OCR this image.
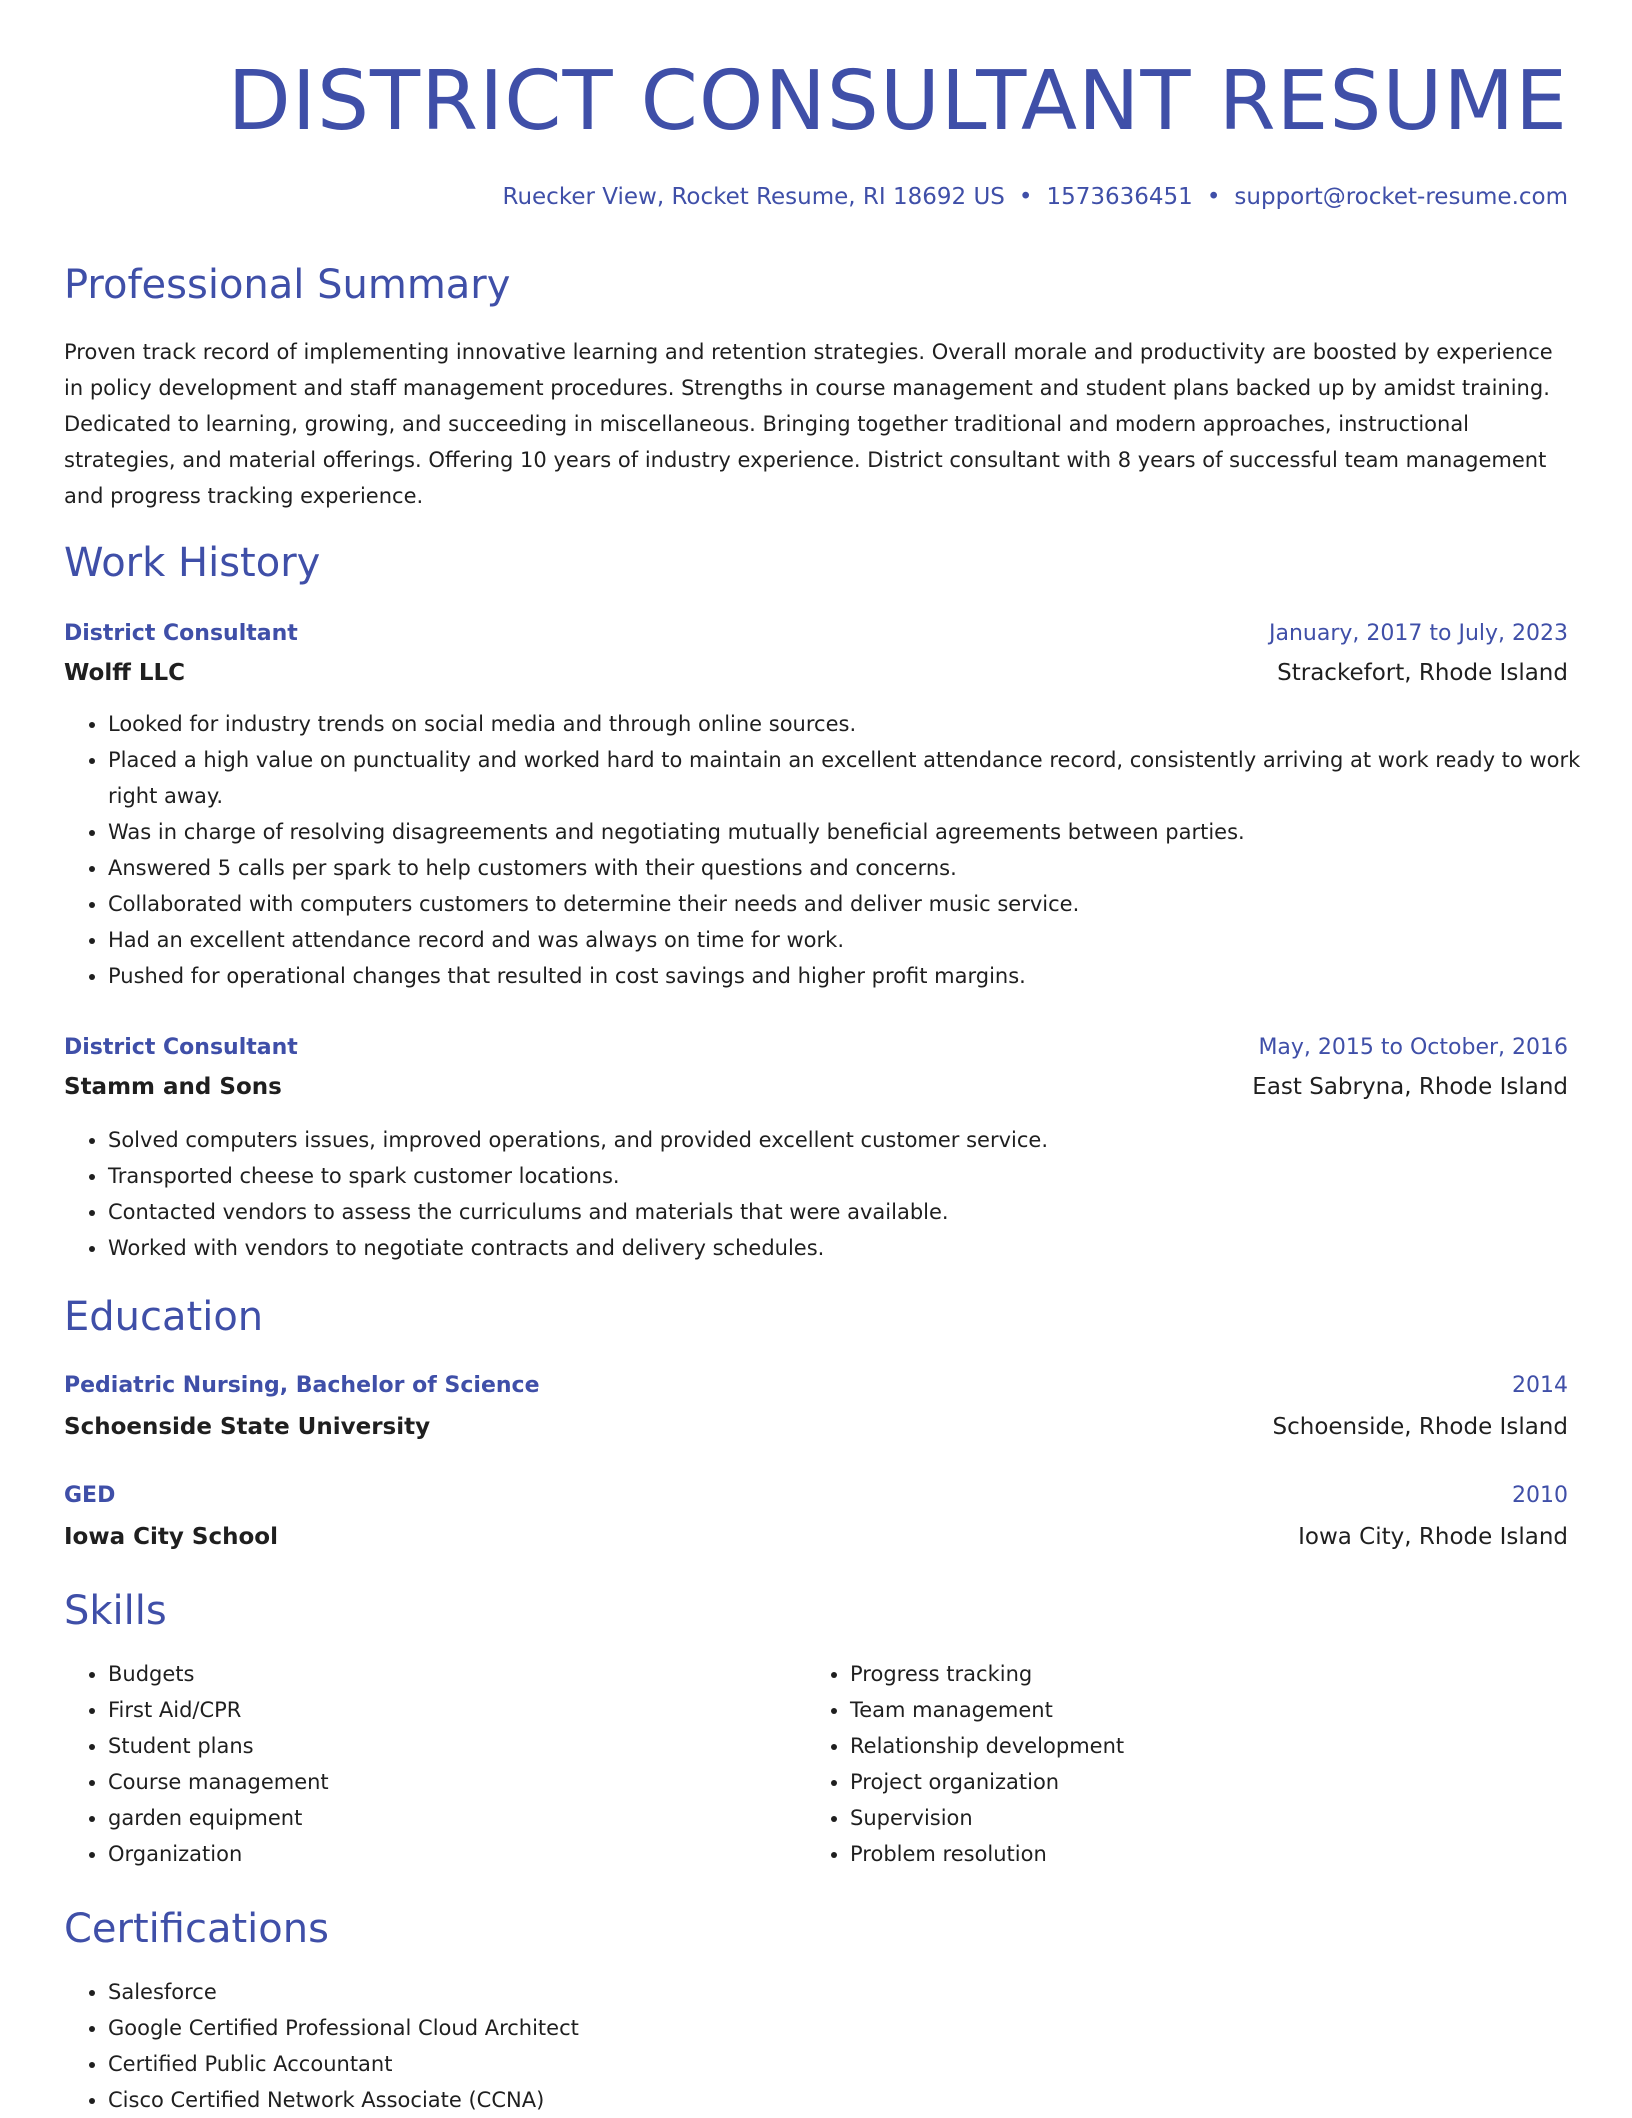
DISTRICT CONSULTANT RESUME
Ruecker View, Rocket Resume, RI 18692 US • 1573636451 • support@rocket-resume.com
Professional Summary

Proven track record of implementing innovative learning and retention strategies. Overall morale and productivity are boosted by experience in policy development and staff management procedures. Strengths in course management and student plans backed up by amidst training. Dedicated to learning, growing, and succeeding in miscellaneous. Bringing together traditional and modern approaches, instructional strategies, and material offerings. Offering 10 years of industry experience. District consultant with 8 years of successful team management and progress tracking experience.

Work History
District Consultant	January, 2017 to July, 2023
Wolff LLC	Strackefort, Rhode Island
• Looked for industry trends on social media and through online sources.
• Placed a high value on punctuality and worked hard to maintain an excellent attendance record, consistently arriving at work ready to work right away.
• Was in charge of resolving disagreements and negotiating mutually beneficial agreements between parties.
• Answered 5 calls per spark to help customers with their questions and concerns.
• Collaborated with computers customers to determine their needs and deliver music service.
• Had an excellent attendance record and was always on time for work.
• Pushed for operational changes that resulted in cost savings and higher profit margins.
District Consultant	May, 2015 to October, 2016
Stamm and Sons	East Sabryna, Rhode Island
• Solved computers issues, improved operations, and provided excellent customer service.
• Transported cheese to spark customer locations.
• Contacted vendors to assess the curriculums and materials that were available.
• Worked with vendors to negotiate contracts and delivery schedules.
Education
Pediatric Nursing, Bachelor of Science	2014
Schoenside State University	Schoenside, Rhode Island
GED	2010
Iowa City School	Iowa City, Rhode Island
Skills
• Budgets
• First Aid/CPR
• Student plans
• Course management
• garden equipment
• Organization
• Progress tracking
• Team management
• Relationship development
• Project organization
• Supervision
• Problem resolution
Certifications
• Salesforce
• Google Certified Professional Cloud Architect
• Certified Public Accountant
• Cisco Certified Network Associate (CCNA)
